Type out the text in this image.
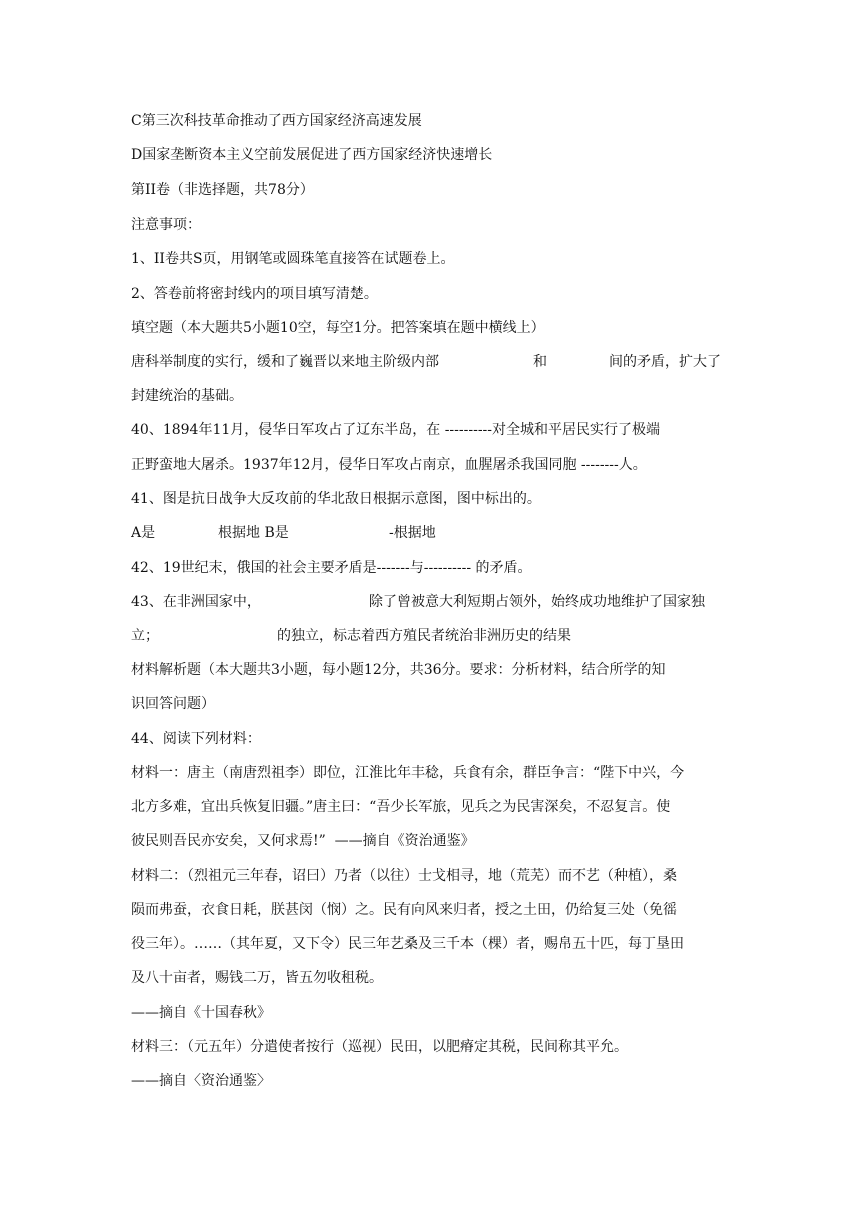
C第三次科技革命推动了西方国家经济高速发展
D国家垄断资本主义空前发展促进了西方国家经济快速增长
第II卷（非选择题，共78分）
注意事项：
1、II卷共S页，用钢笔或圆珠笔直接答在试题卷上。
2、答卷前将密封线内的项目填写清楚。
填空题（本大题共5小题10空，每空1分。把答案填在题中横线上）

唐科举制度的实行，缓和了巍晋以来地主阶级内部

	和

	间的矛盾，扩大了

封建统治的基础。
40、1894年11月，侵华日军攻占了辽东半岛，在 ----------对全城和平居民实行了极端
正野蛮地大屠杀。1937年12月，侵华日军攻占南京，血腥屠杀我国同胞 --------人。
41、图是抗日战争大反攻前的华北敌日根据示意图，图中标出的。

A是

	根据地 B是

	-根据地

42、19世纪末，俄国的社会主要矛盾是-------与---------- 的矛盾。

43、在非洲国家中，

	除了曾被意大利短期占领外，始终成功地维护了国家独

立；

	的独立，标志着西方殖民者统治非洲历史的结果

材料解析题（本大题共3小题，每小题12分，共36分。要求：分析材料，结合所学的知
识回答问题）
44、阅读下列材料：
材料一：唐主（南唐烈祖李）即位，江淮比年丰稔，兵食有余，群臣争言：“陛下中兴，今
北方多难，宜出兵恢复旧疆。”唐主曰：“吾少长军旅，见兵之为民害深矣，不忍复言。使
彼民则吾民亦安矣，又何求焉!”  ——摘自《资治通鉴》
材料二：（烈祖元三年春，诏曰）乃者（以往）士戈相寻，地（荒芜）而不艺（种植），桑
陨而弗蚕，衣食日耗，朕甚闵（悯）之。民有向风来归者，授之土田，仍给复三处（免徭
役三年）。……（其年夏，又下令）民三年艺桑及三千本（棵）者，赐帛五十匹，每丁垦田
及八十亩者，赐钱二万，皆五勿收租税。
——摘自《十国春秋》
材料三：（元五年）分遣使者按行（巡视）民田，以肥瘠定其税，民间称其平允。
——摘自〈资治通鉴〉
